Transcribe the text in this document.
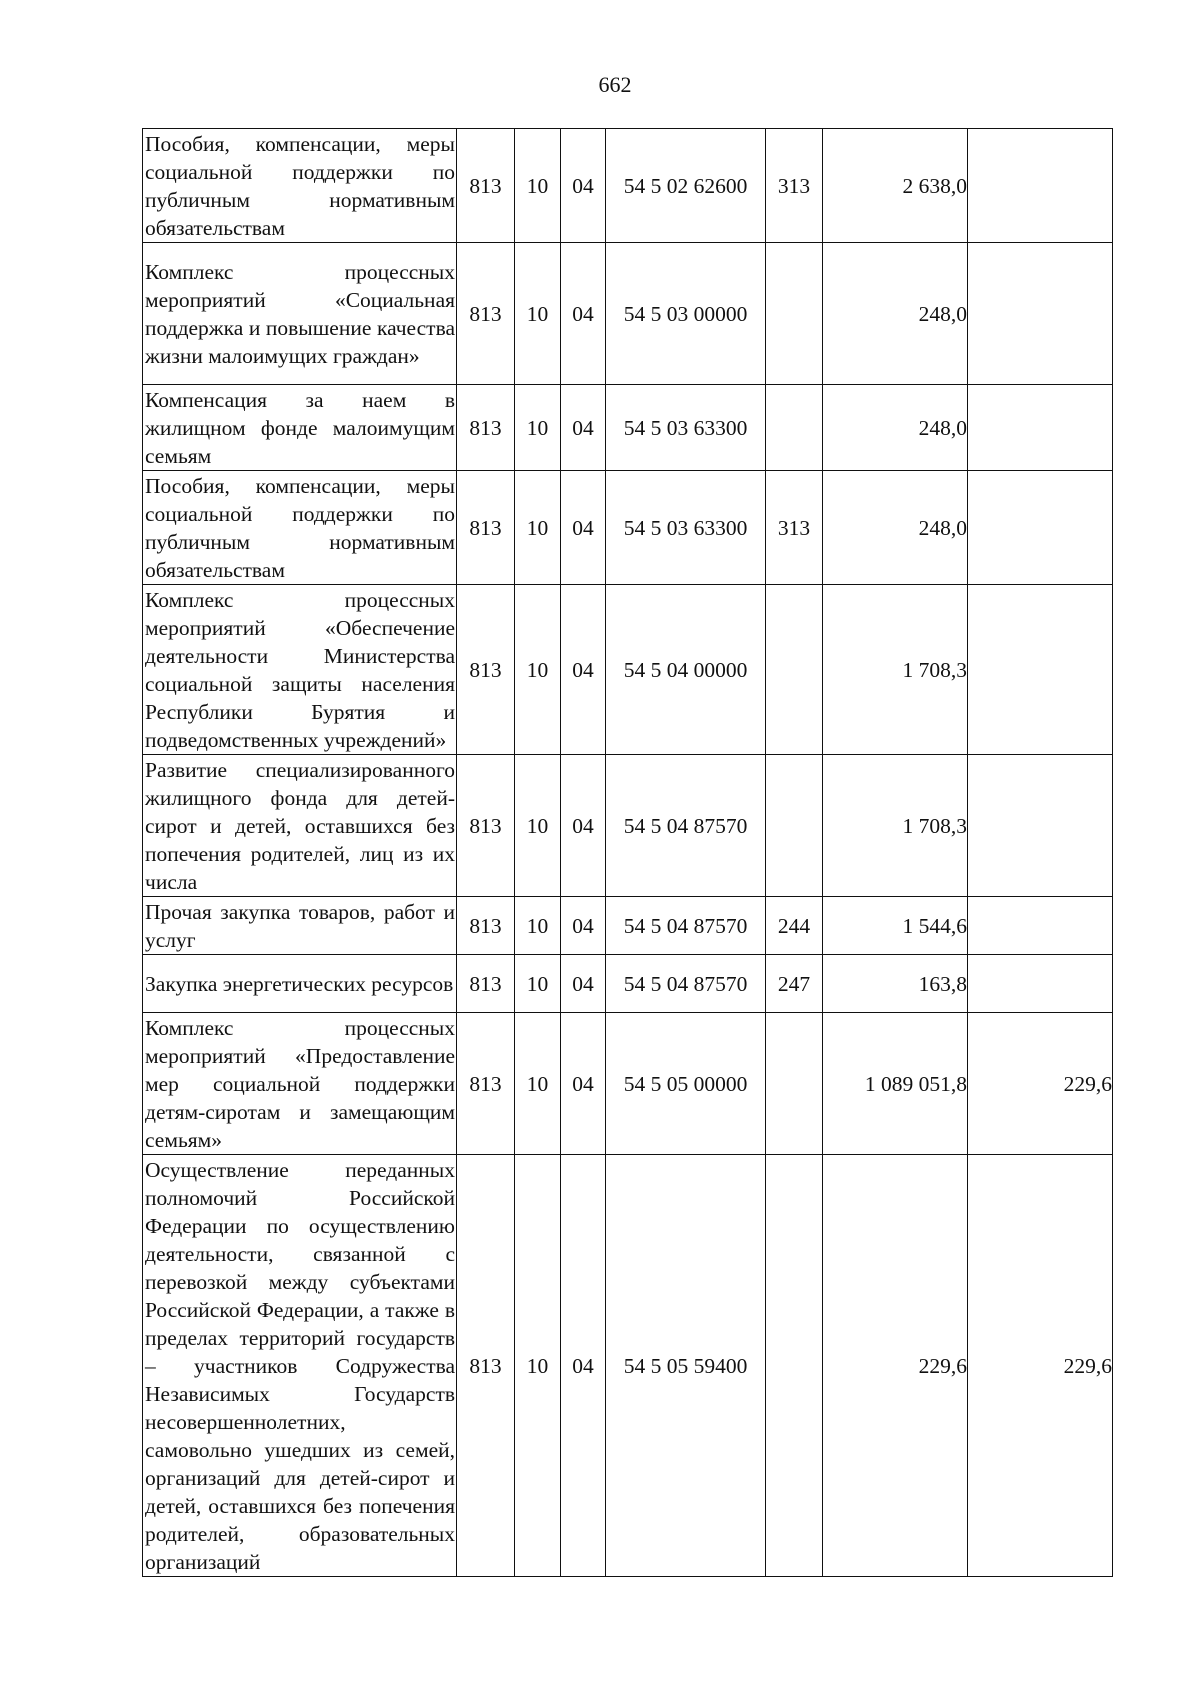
662
Пособия, компенсации, меры социальной поддержки по публичным нормативным обязательствам	813	10	04	54 5 02 62600	313	2 638,0	
Комплекс процессных мероприятий «Социальная поддержка и повышение качества жизни малоимущих граждан»	813	10	04	54 5 03 00000		248,0	
Компенсация за наем в жилищном фонде малоимущим семьям	813	10	04	54 5 03 63300		248,0	
Пособия, компенсации, меры социальной поддержки по публичным нормативным обязательствам	813	10	04	54 5 03 63300	313	248,0	
Комплекс процессных мероприятий «Обеспечение деятельности Министерства социальной защиты населения Республики Бурятия и подведомственных учреждений»	813	10	04	54 5 04 00000		1 708,3	
Развитие специализированного жилищного фонда для детей-сирот и детей, оставшихся без попечения родителей, лиц из их числа	813	10	04	54 5 04 87570		1 708,3	
Прочая закупка товаров, работ и услуг	813	10	04	54 5 04 87570	244	1 544,6	
Закупка энергетических ресурсов	813	10	04	54 5 04 87570	247	163,8	
Комплекс процессных мероприятий «Предоставление мер социальной поддержки детям-сиротам и замещающим семьям»	813	10	04	54 5 05 00000		1 089 051,8	229,6
Осуществление переданных полномочий Российской Федерации по осуществлению деятельности, связанной с перевозкой между субъектами Российской Федерации, а также в пределах территорий государств – участников Содружества Независимых Государств несовершеннолетних, самовольно ушедших из семей, организаций для детей-сирот и детей, оставшихся без попечения родителей, образовательных организаций	813	10	04	54 5 05 59400		229,6	229,6
